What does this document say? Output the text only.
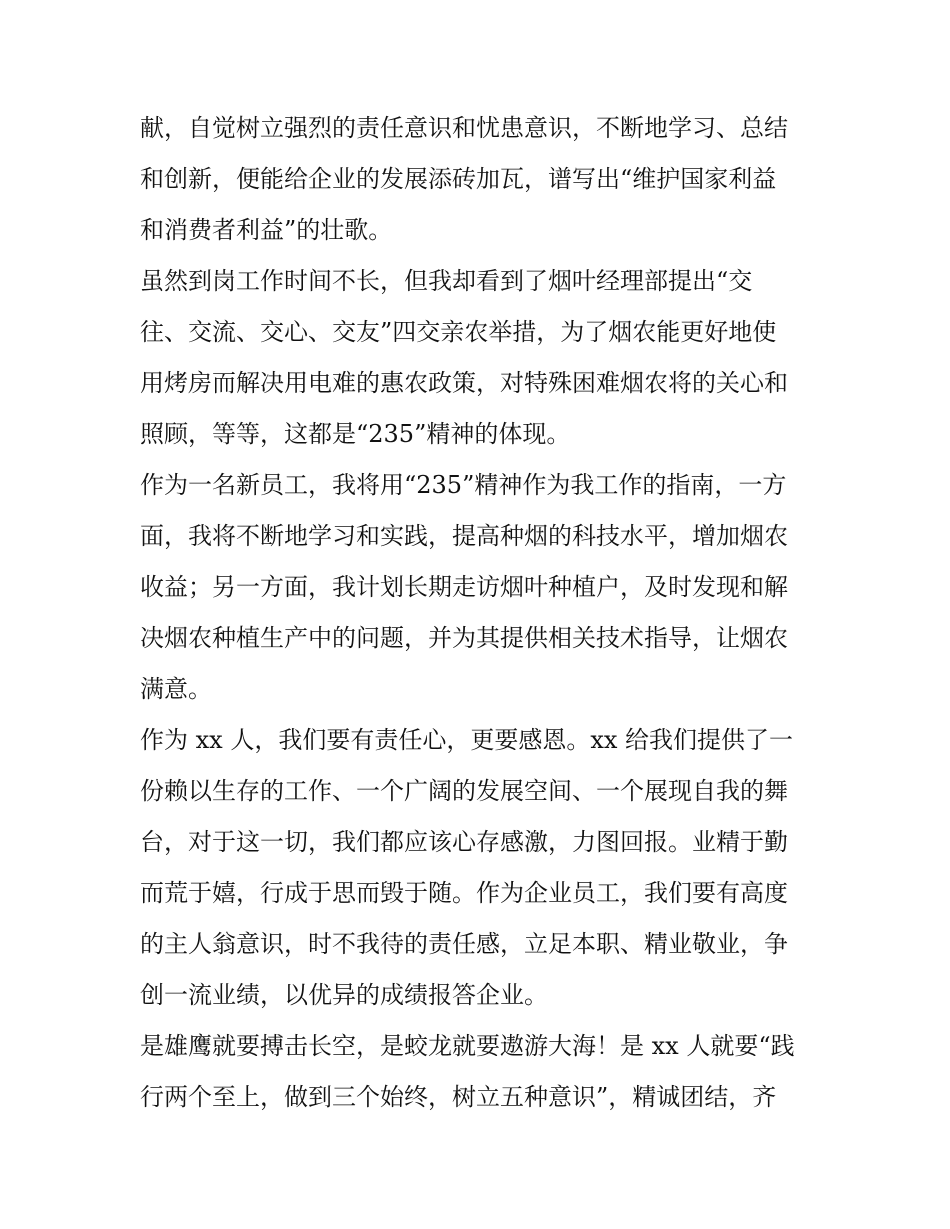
献，自觉树立强烈的责任意识和忧患意识，不断地学习、总结
和创新，便能给企业的发展添砖加瓦，谱写出“维护国家利益
和消费者利益”的壮歌。
虽然到岗工作时间不长，但我却看到了烟叶经理部提出“交
往、交流、交心、交友”四交亲农举措，为了烟农能更好地使
用烤房而解决用电难的惠农政策，对特殊困难烟农将的关心和
照顾，等等，这都是“235”精神的体现。
作为一名新员工，我将用“235”精神作为我工作的指南，一方
面，我将不断地学习和实践，提高种烟的科技水平，增加烟农
收益；另一方面，我计划长期走访烟叶种植户，及时发现和解
决烟农种植生产中的问题，并为其提供相关技术指导，让烟农
满意。
作为 xx 人，我们要有责任心，更要感恩。xx 给我们提供了一
份赖以生存的工作、一个广阔的发展空间、一个展现自我的舞
台，对于这一切，我们都应该心存感激，力图回报。业精于勤
而荒于嬉，行成于思而毁于随。作为企业员工，我们要有高度
的主人翁意识，时不我待的责任感，立足本职、精业敬业，争
创一流业绩，以优异的成绩报答企业。
是雄鹰就要搏击长空，是蛟龙就要遨游大海！是 xx 人就要“践
行两个至上，做到三个始终，树立五种意识”，精诚团结，齐
